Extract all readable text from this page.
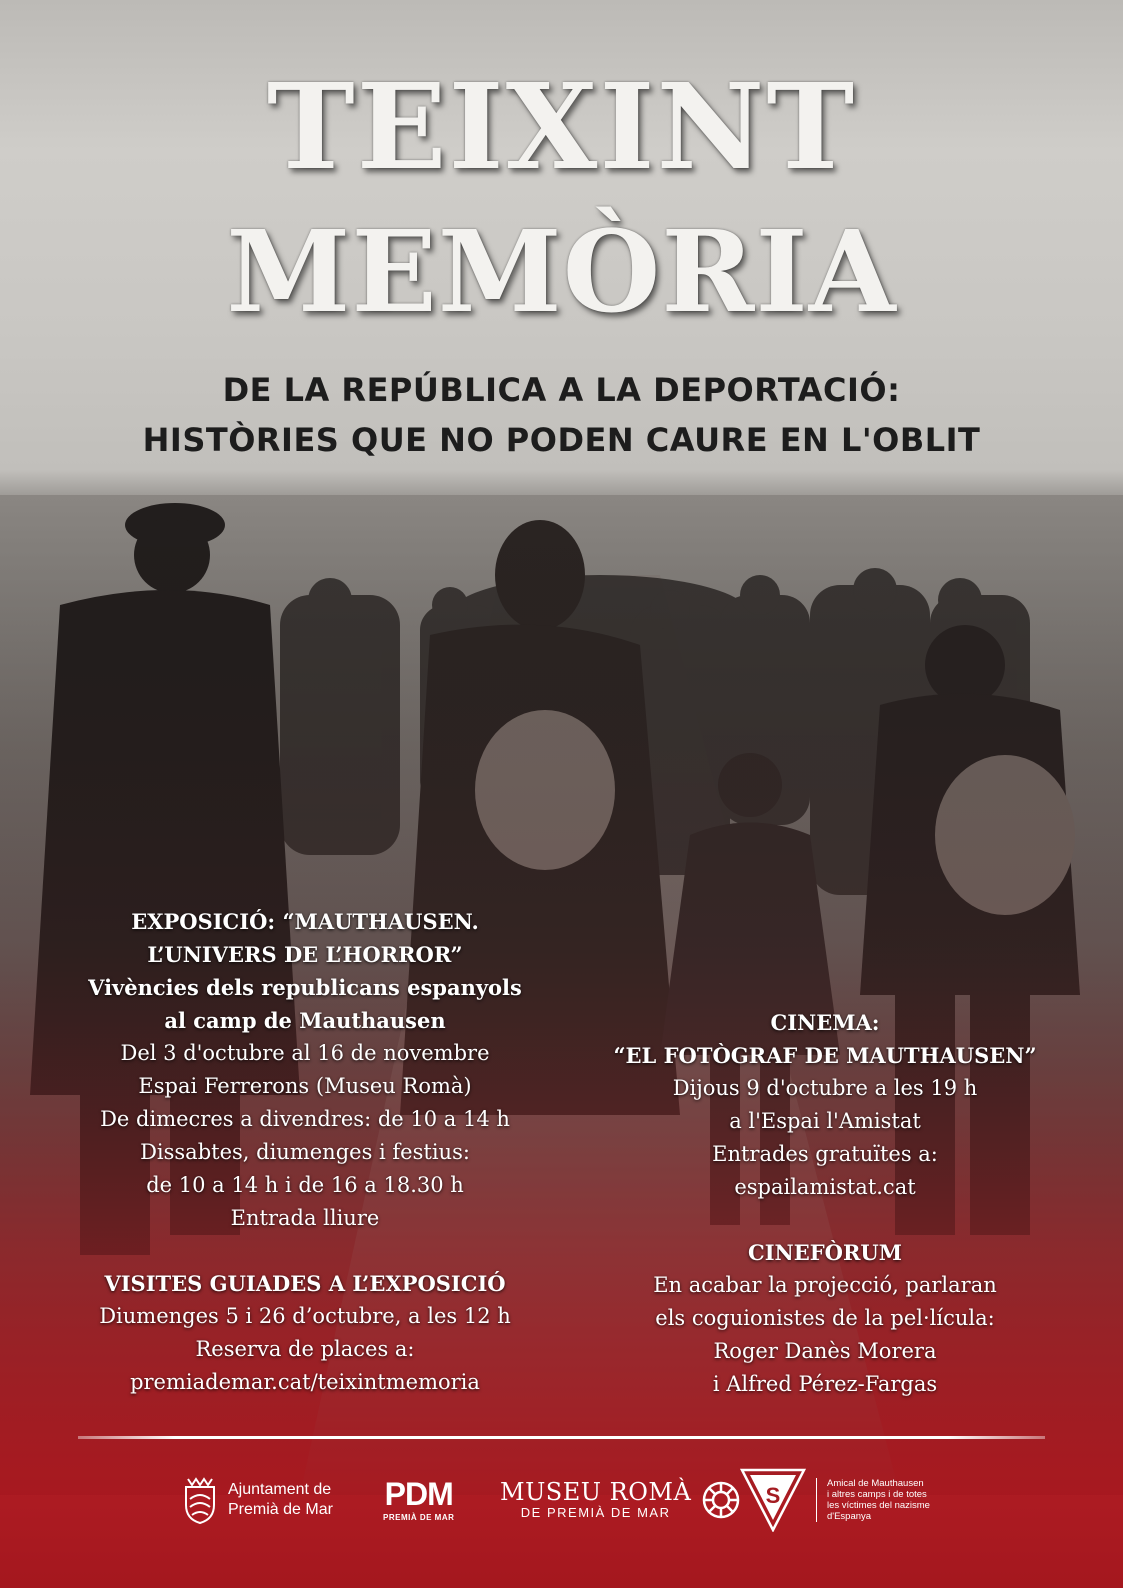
TEIXINT
MEMÒRIA
DE LA REPÚBLICA A LA DEPORTACIÓ:
HISTÒRIES QUE NO PODEN CAURE EN L'OBLIT
EXPOSICIÓ: “MAUTHAUSEN.
L’UNIVERS DE L’HORROR”
Vivències dels republicans espanyols
al camp de Mauthausen
Del 3 d'octubre al 16 de novembre
Espai Ferrerons (Museu Romà)
De dimecres a divendres: de 10 a 14 h
Dissabtes, diumenges i festius:
de 10 a 14 h i de 16 a 18.30 h
Entrada lliure
VISITES GUIADES A L’EXPOSICIÓ
Diumenges 5 i 26 d’octubre, a les 12 h
Reserva de places a:
premiademar.cat/teixintmemoria
CINEMA:
“EL FOTÒGRAF DE MAUTHAUSEN”
Dijous 9 d'octubre a les 19 h
a l'Espai l'Amistat
Entrades gratuïtes a:
espailamistat.cat
CINEFÒRUM
En acabar la projecció, parlaran
els coguionistes de la pel·lícula:
Roger Danès Morera
i Alfred Pérez-Fargas
Ajuntament de
Premià de Mar PDM
PREMIÀ DE MAR
MUSEU ROMÀ
DE PREMIÀ DE MAR
S	Amical de Mauthausen
i altres camps i de totes
les víctimes del nazisme
d'Espanya
